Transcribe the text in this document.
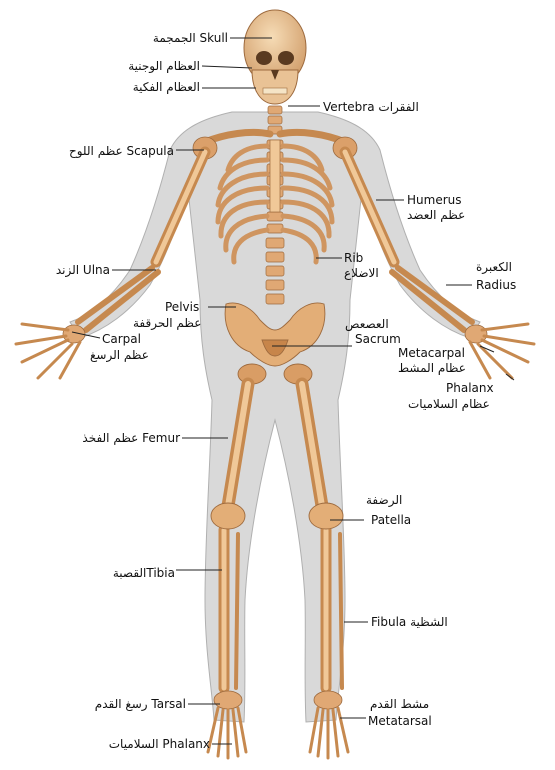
الجمجمة Skull
العظام الوجنية
العظام الفكية
Vertebra الفقرات
عظم اللوح Scapula
Humerus
عظم العضد
Rib
الاضلاع
الزند Ulna	الكعبرة
Radius
Pelvis
عظم الحرقفة	العصعص
Sacrum
Carpal
عظم الرسغ	Metacarpal
عظام المشط
Phalanx
عظام السلاميات
عظم الفخذ Femur
الرضفة
Patella
القصبةTibia
Fibula الشظية
رسغ القدم Tarsal	مشط القدم
Metatarsal
السلاميات Phalanx
